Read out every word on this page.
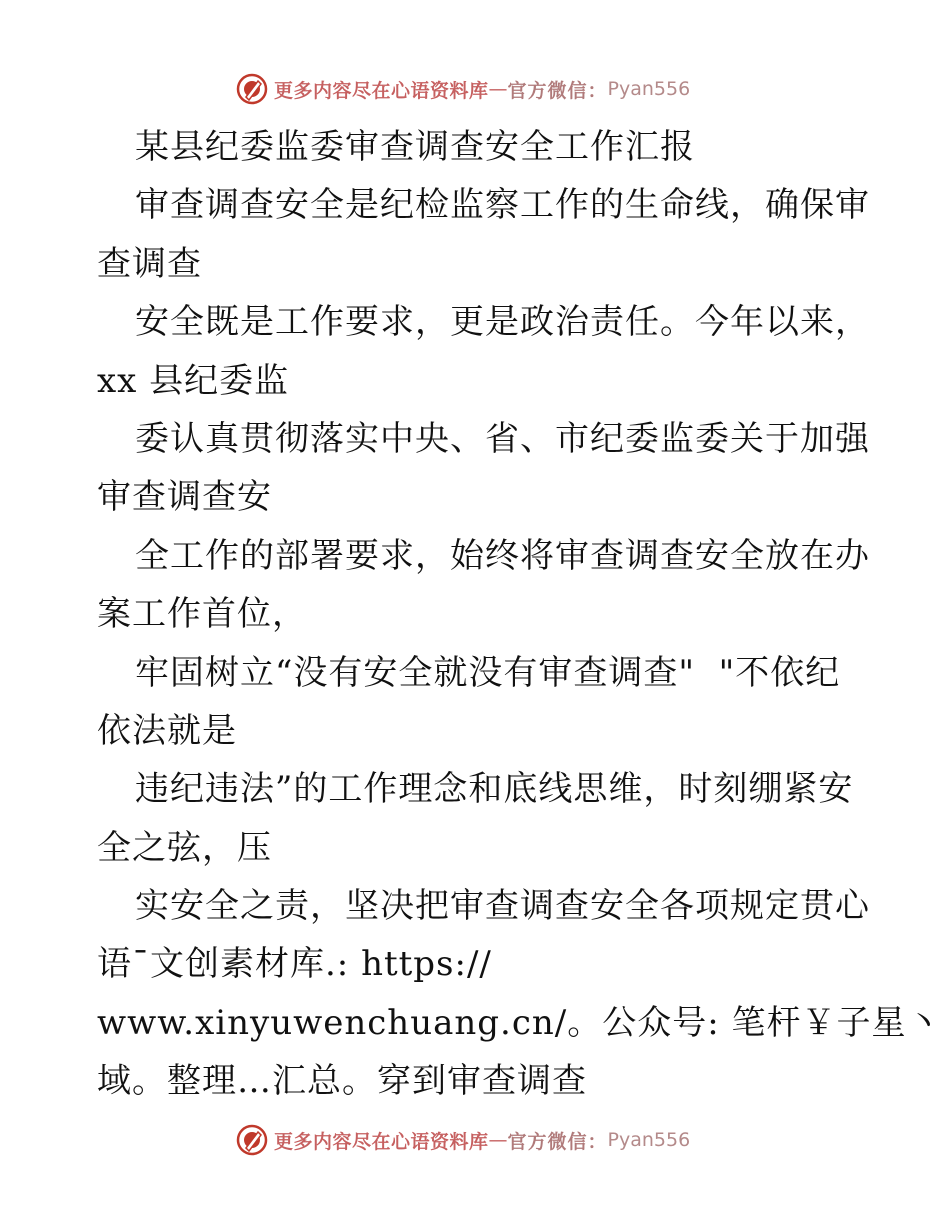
更多内容尽在心语资料库 — 官方微信： Pyan556
某县纪委监委审查调查安全工作汇报
审查调查安全是纪检监察工作的生命线，确保审
查调查
安全既是工作要求，更是政治责任。今年以来，
xx 县纪委监
委认真贯彻落实中央、省、市纪委监委关于加强
审查调查安
全工作的部署要求，始终将审查调查安全放在办
案工作首位，
牢固树立“没有安全就没有审查调查"  "不依纪
依法就是
违纪违法”的工作理念和底线思维，时刻绷紧安
全之弦，压
实安全之责，坚决把审查调查安全各项规定贯心
语¯文创素材库.: https://
www.xinyuwenchuang.cn/。公众号: 笔杆￥子星丶
域。整理…汇总。穿到审查调查
更多内容尽在心语资料库 — 官方微信： Pyan556
